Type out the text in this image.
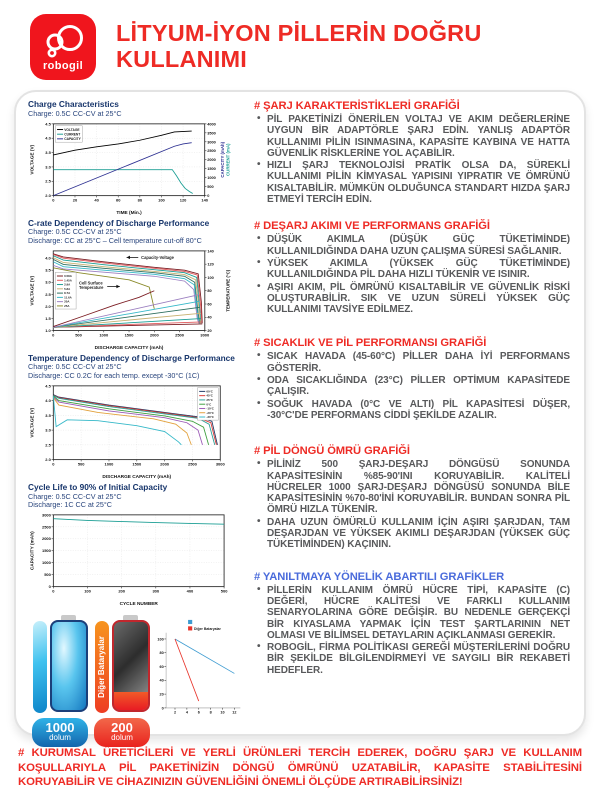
robogil
LİTYUM-İYON PİLLERİN DOĞRU
KULLANIMI
Charge Characteristics
Charge: 0.5C CC-CV at 25°C
0	20	40	60	80	100	120	140
2.0
2.5
3.0
3.5
4.0
4.5
0
500
1000
1500
2000
2500
3000
3500
4000
TIME (Min.)
VOLTAGE (V)	CAPACITY (mAh) CURRENT (mA)
VOLTAGE
CURRENT
CAPACITY
C-rate Dependency of Discharge Performance
Charge: 0.5C CC-CV at 25°C
Discharge: CC at 25°C – Cell temperature cut-off 80°C
0	500	1000	1500	2000	2500	3000
1.0
1.5
2.0
2.5
3.0
3.5
4.0
20
40
60
80
100
120
140
DISCHARGE CAPACITY (mAh)
VOLTAGE (V)	TEMPERATURE (°C)
0.58A
1.45A
2.9A
5.8A
8.7A
11.6A
20A
25A
Capacity-Voltage
Cell Surface
Temperature
Temperature Dependency of Discharge Performance
Charge: 0.5C CC-CV at 25°C
Discharge: CC 0.2C for each temp. except -30°C (1C)
0	500	1000	1500	2000	2500	3000
2.0
2.5
3.0
3.5
4.0
4.5
DISCHARGE CAPACITY (mAh)
VOLTAGE (V)
60°C
45°C
25°C
0°C
-10°C
-20°C
-30°C
Cycle Life to 90% of Initial Capacity
Charge: 0.5C CC-CV at 25°C
Discharge: 1C CC at 25°C
0	100	200	300	400	500
0
500
1000
1500
2000
2500
3000
CYCLE NUMBER
CAPACITY (mAh)
1000
dolum
Diğer Bataryalar
200
dolum
2 4 6 8 10 12
0
20
40
60
80
100
Diğer Bataryalar
# ŞARJ KARAKTERİSTİKLERİ GRAFİĞİ
• PİL PAKETİNİZİ ÖNERİLEN VOLTAJ VE AKIM DEĞERLERİNE UYGUN BİR ADAPTÖRLE ŞARJ EDİN. YANLIŞ ADAPTÖR KULLANIMI PİLİN ISINMASINA, KAPASİTE KAYBINA VE HATTA GÜVENLİK RİSKLERİNE YOL AÇABİLİR.
• HIZLI ŞARJ TEKNOLOJİSİ PRATİK OLSA DA, SÜREKLİ KULLANIMI PİLİN KİMYASAL YAPISINI YIPRATIR VE ÖMRÜNÜ KISALTABİLİR. MÜMKÜN OLDUĞUNCA STANDART HIZDA ŞARJ ETMEYİ TERCİH EDİN.
# DEŞARJ AKIMI VE PERFORMANS GRAFİĞİ
• DÜŞÜK AKIMLA (DÜŞÜK GÜÇ TÜKETİMİNDE) KULLANILDIĞINDA DAHA UZUN ÇALIŞMA SÜRESİ SAĞLANIR.
• YÜKSEK AKIMLA (YÜKSEK GÜÇ TÜKETİMİNDE) KULLANILDIĞINDA PİL DAHA HIZLI TÜKENİR VE ISINIR.
• AŞIRI AKIM, PİL ÖMRÜNÜ KISALTABİLİR VE GÜVENLİK RİSKİ OLUŞTURABİLİR. SIK VE UZUN SÜRELİ YÜKSEK GÜÇ KULLANIMI TAVSİYE EDİLMEZ.
# SICAKLIK VE PİL PERFORMANSI GRAFİĞİ
• SICAK HAVADA (45-60°C) PİLLER DAHA İYİ PERFORMANS GÖSTERİR.
• ODA SICAKLIĞINDA (23°C) PİLLER OPTİMUM KAPASİTEDE ÇALIŞIR.
• SOĞUK HAVADA (0°C VE ALTI) PİL KAPASİTESİ DÜŞER, -30°C'DE PERFORMANS CİDDİ ŞEKİLDE AZALIR.
# PİL DÖNGÜ ÖMRÜ GRAFİĞİ
• PİLİNİZ 500 ŞARJ-DEŞARJ DÖNGÜSÜ SONUNDA KAPASİTESİNİN %85-90'INI KORUYABİLİR. KALİTELİ HÜCRELER 1000 ŞARJ-DEŞARJ DÖNGÜSÜ SONUNDA BİLE KAPASİTESİNİN %70-80'İNİ KORUYABİLİR. BUNDAN SONRA PİL ÖMRÜ HIZLA TÜKENİR.
• DAHA UZUN ÖMÜRLÜ KULLANIM İÇİN AŞIRI ŞARJDAN, TAM DEŞARJDAN VE YÜKSEK AKIMLI DEŞARJDAN (YÜKSEK GÜÇ TÜKETİMİNDEN) KAÇININ.
# YANILTMAYA YÖNELİK ABARTILI GRAFİKLER
• PİLLERİN KULLANIM ÖMRÜ HÜCRE TİPİ, KAPASİTE (C) DEĞERİ, HÜCRE KALİTESİ VE FARKLI KULLANIM SENARYOLARINA GÖRE DEĞİŞİR. BU NEDENLE GERÇEKÇİ BİR KIYASLAMA YAPMAK İÇİN TEST ŞARTLARININ NET OLMASI VE BİLİMSEL DETAYLARIN AÇIKLANMASI GEREKİR.
• ROBOGİL, FİRMA POLİTİKASI GEREĞİ MÜŞTERİLERİNİ DOĞRU BİR ŞEKİLDE BİLGİLENDİRMEYİ VE SAYGILI BİR REKABETİ HEDEFLER.

# KURUMSAL ÜRETİCİLERİ VE YERLİ ÜRÜNLERİ TERCİH EDEREK, DOĞRU ŞARJ VE KULLANIM KOŞULLARIYLA PİL PAKETİNİZİN DÖNGÜ ÖMRÜNÜ UZATABİLİR, KAPASİTE STABİLİTESİNİ KORUYABİLİR VE CİHAZINIZIN GÜVENLİĞİNİ ÖNEMLİ ÖLÇÜDE ARTIRABİLİRSİNİZ!
